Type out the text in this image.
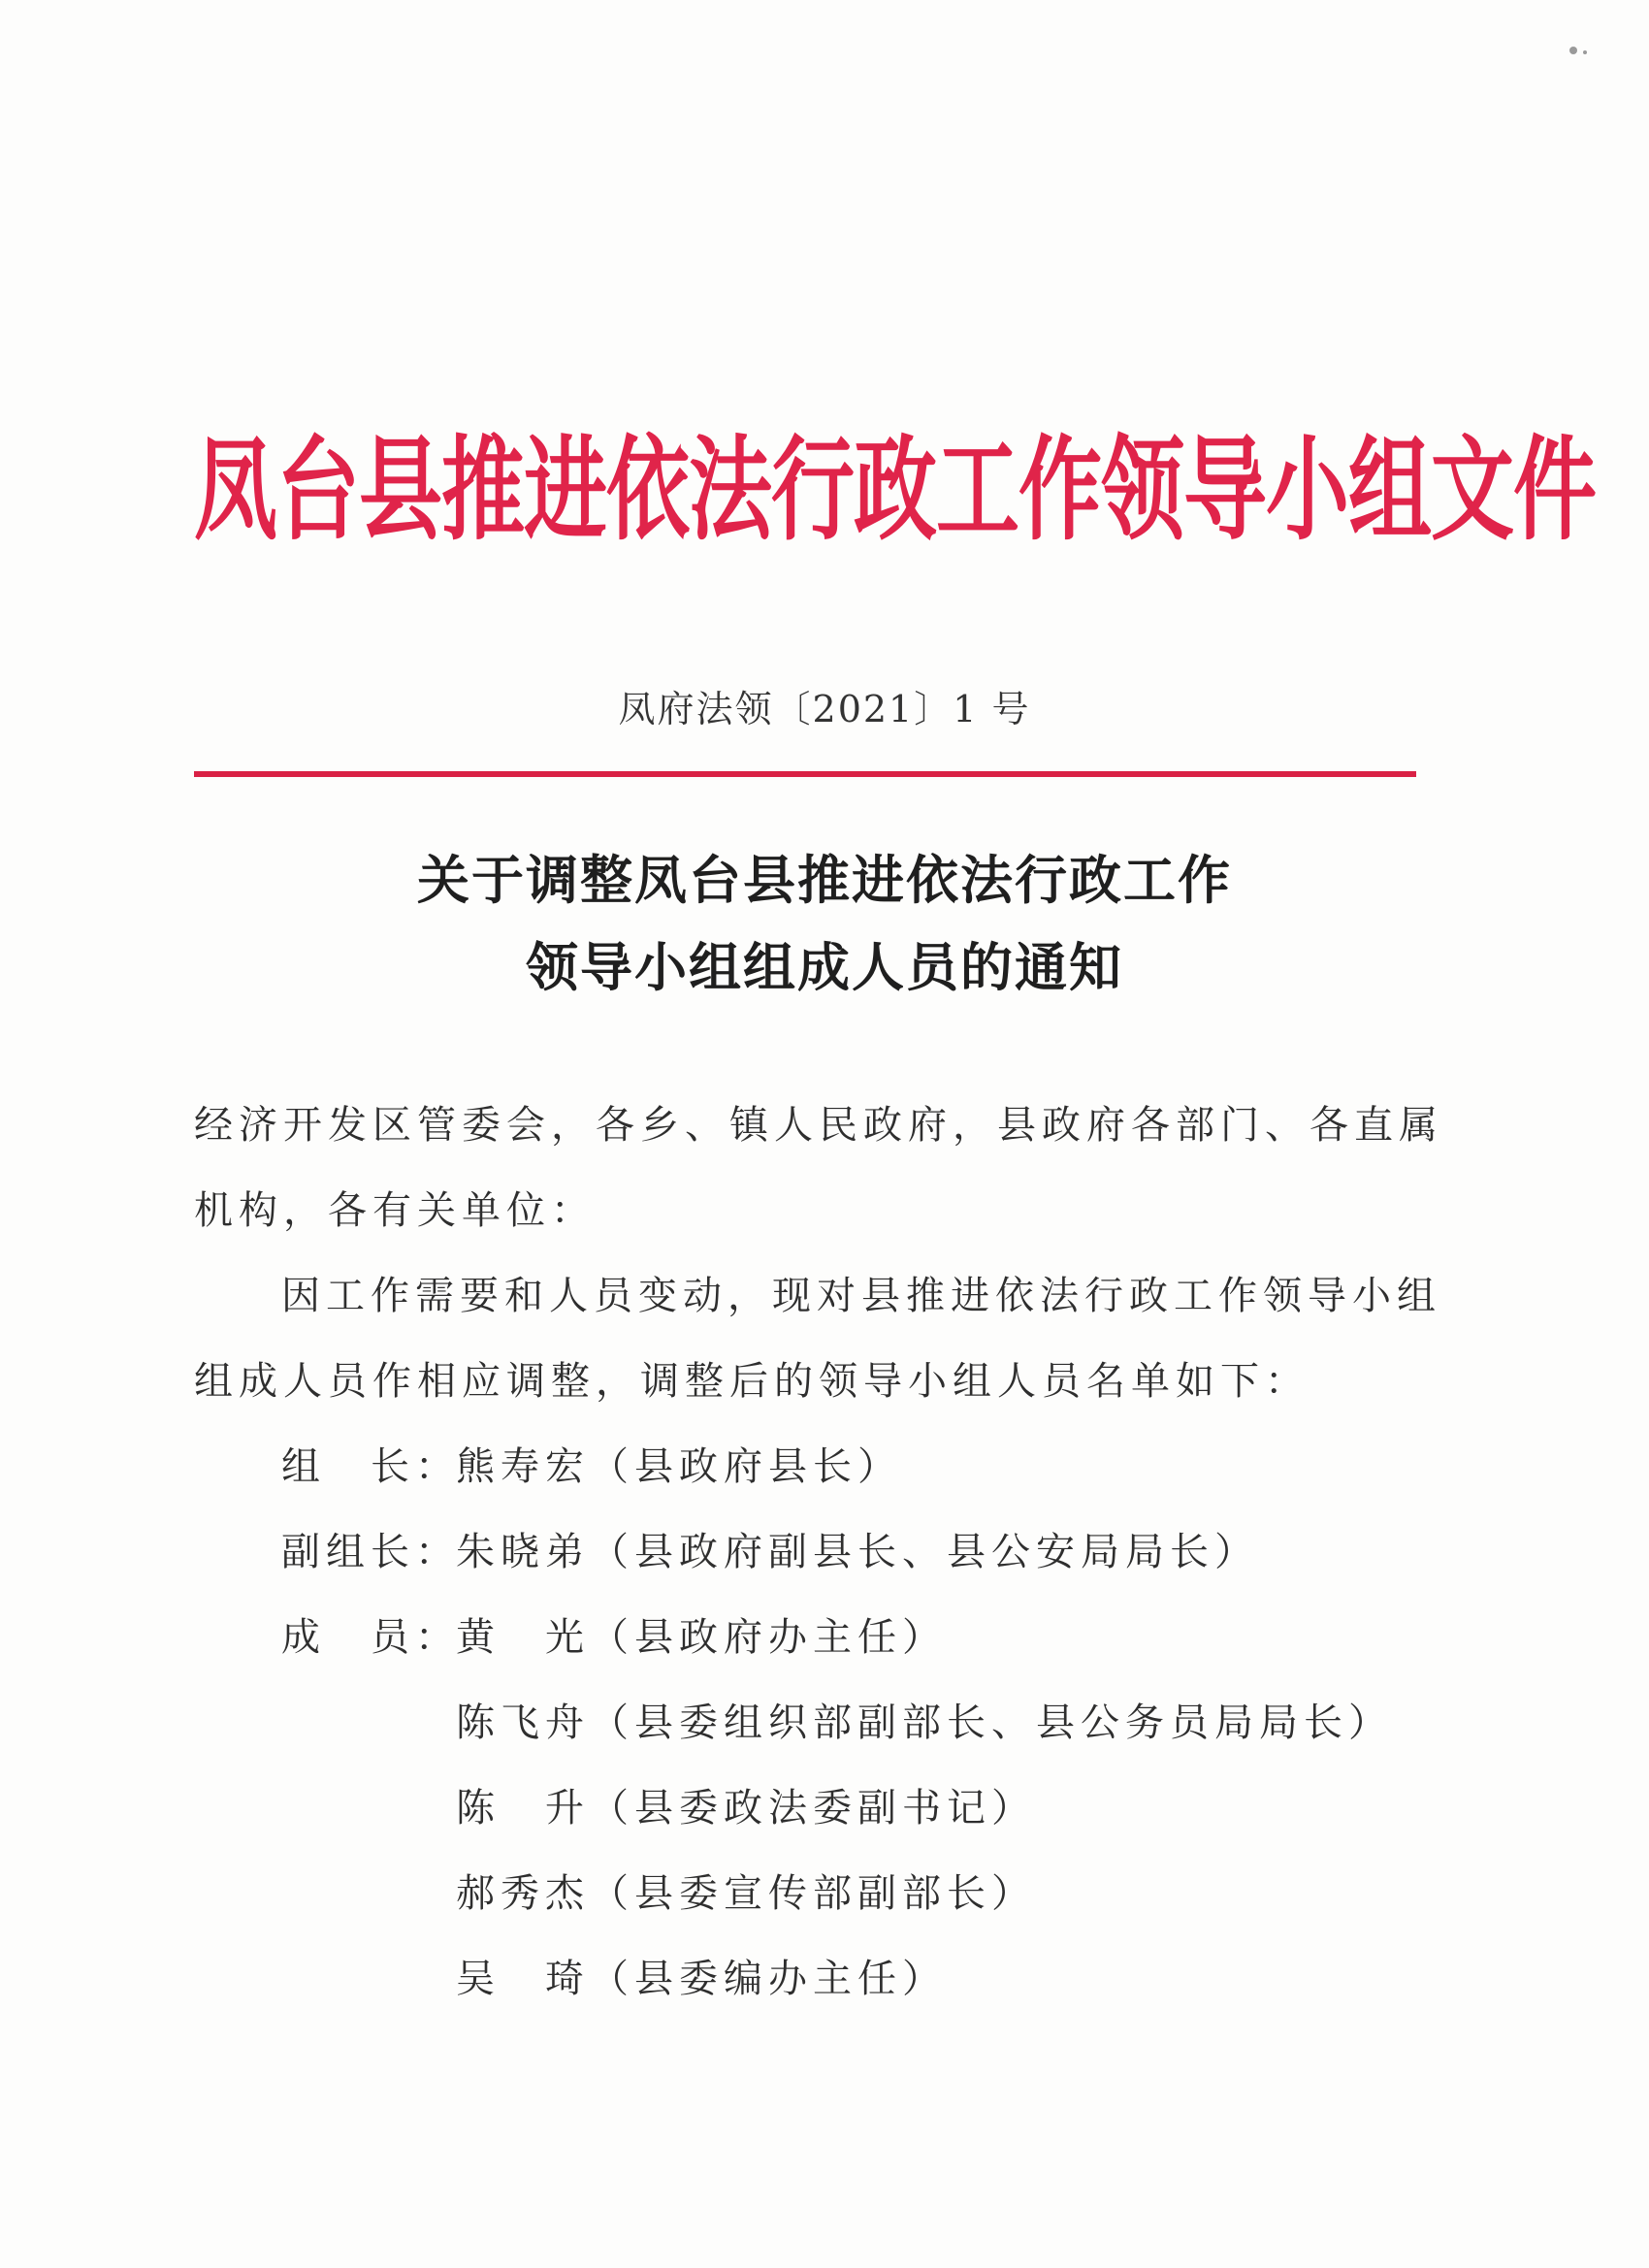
凤台县推进依法行政工作领导小组文件
凤府法领〔2021〕1 号
关于调整凤台县推进依法行政工作
领导小组组成人员的通知
经济开发区管委会，各乡、镇人民政府，县政府各部门、各直属
机构，各有关单位：
因工作需要和人员变动，现对县推进依法行政工作领导小组
组成人员作相应调整，调整后的领导小组人员名单如下：
组　长：
熊寿宏（县政府县长）
副组长：
朱晓弟（县政府副县长、县公安局局长）
成　员：
黄　光（县政府办主任）
陈飞舟（县委组织部副部长、县公务员局局长）
陈　升（县委政法委副书记）
郝秀杰（县委宣传部副部长）
吴　琦（县委编办主任）
